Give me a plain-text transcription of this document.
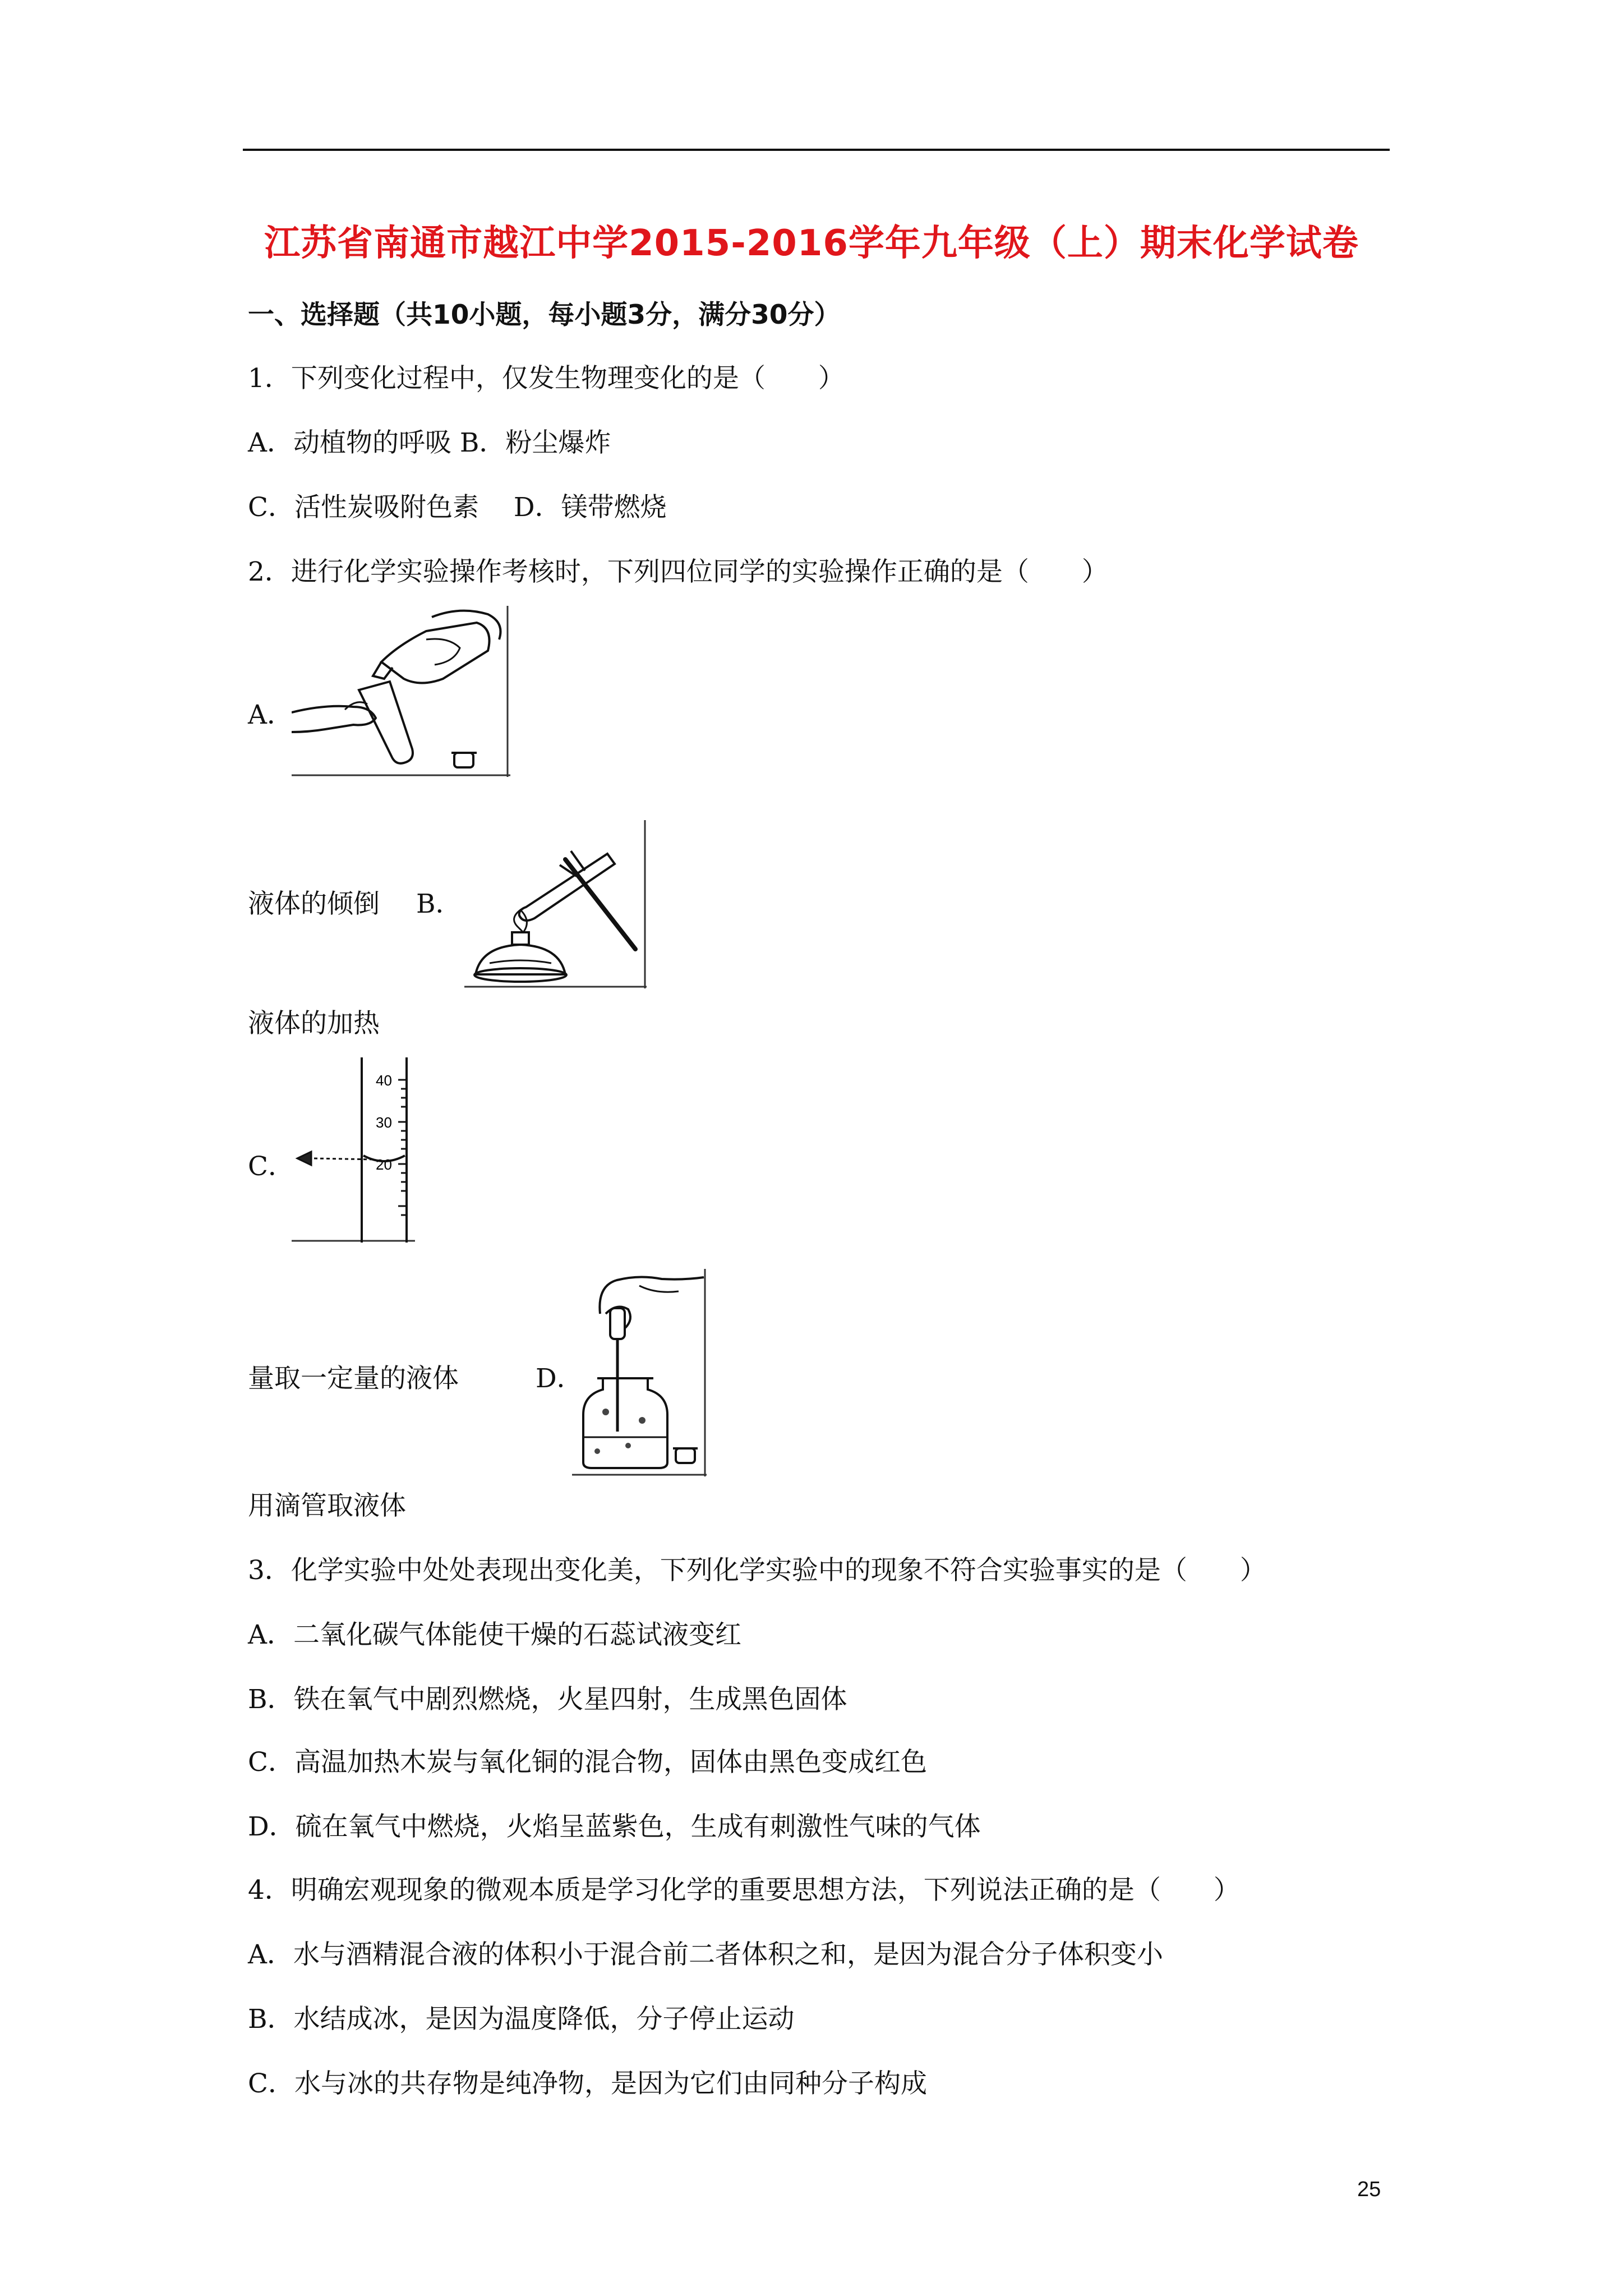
江苏省南通市越江中学2015-2016学年九年级（上）期末化学试卷
一、选择题（共10小题，每小题3分，满分30分）
1．下列变化过程中，仅发生物理变化的是（　　）
A．动植物的呼吸 B．粉尘爆炸
C．活性炭吸附色素　 D．镁带燃烧
2．进行化学实验操作考核时，下列四位同学的实验操作正确的是（　　）
A．
液体的倾倒 B．
液体的加热
C．
40
30
20
量取一定量的液体	D．
用滴管取液体
3．化学实验中处处表现出变化美，下列化学实验中的现象不符合实验事实的是（　　）
A．二氧化碳气体能使干燥的石蕊试液变红
B．铁在氧气中剧烈燃烧，火星四射，生成黑色固体
C．高温加热木炭与氧化铜的混合物，固体由黑色变成红色
D．硫在氧气中燃烧，火焰呈蓝紫色，生成有刺激性气味的气体
4．明确宏观现象的微观本质是学习化学的重要思想方法，下列说法正确的是（　　）
A．水与酒精混合液的体积小于混合前二者体积之和，是因为混合分子体积变小
B．水结成冰，是因为温度降低，分子停止运动
C．水与冰的共存物是纯净物，是因为它们由同种分子构成
25
